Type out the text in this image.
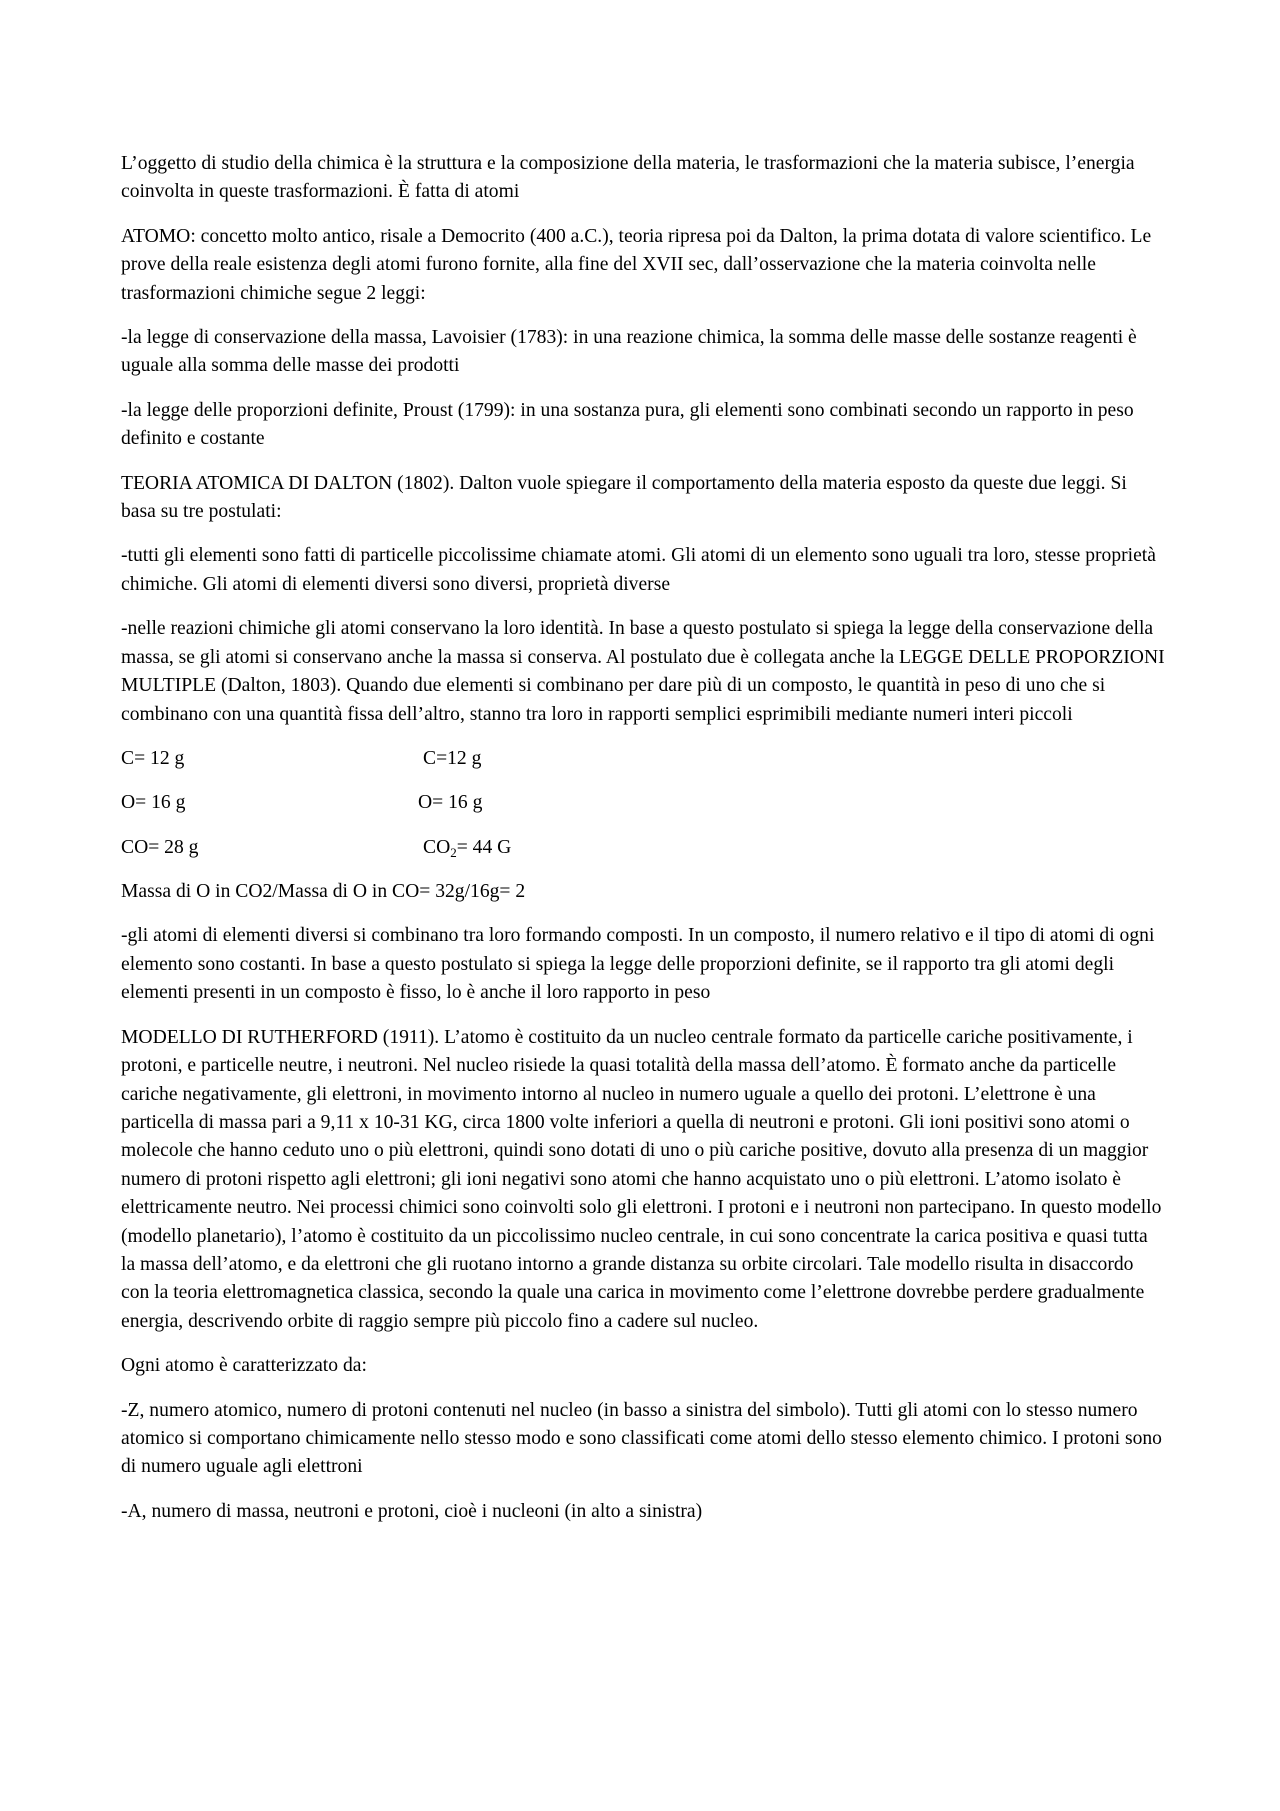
L’oggetto di studio della chimica è la struttura e la composizione della materia, le trasformazioni che la materia subisce, l’energia coinvolta in queste trasformazioni. È fatta di atomi

ATOMO: concetto molto antico, risale a Democrito (400 a.C.), teoria ripresa poi da Dalton, la prima dotata di valore scientifico. Le prove della reale esistenza degli atomi furono fornite, alla fine del XVII sec, dall’osservazione che la materia coinvolta nelle trasformazioni chimiche segue 2 leggi:

-la legge di conservazione della massa, Lavoisier (1783): in una reazione chimica, la somma delle masse delle sostanze reagenti è uguale alla somma delle masse dei prodotti

-la legge delle proporzioni definite, Proust (1799): in una sostanza pura, gli elementi sono combinati secondo un rapporto in peso definito e costante

TEORIA ATOMICA DI DALTON (1802). Dalton vuole spiegare il comportamento della materia esposto da queste due leggi. Si basa su tre postulati:

-tutti gli elementi sono fatti di particelle piccolissime chiamate atomi. Gli atomi di un elemento sono uguali tra loro, stesse proprietà chimiche. Gli atomi di elementi diversi sono diversi, proprietà diverse

-nelle reazioni chimiche gli atomi conservano la loro identità. In base a questo postulato si spiega la legge della conservazione della massa, se gli atomi si conservano anche la massa si conserva. Al postulato due è collegata anche la LEGGE DELLE PROPORZIONI MULTIPLE (Dalton, 1803). Quando due elementi si combinano per dare più di un composto, le quantità in peso di uno che si combinano con una quantità fissa dell’altro, stanno tra loro in rapporti semplici esprimibili mediante numeri interi piccoli

C= 12 g	C=12 g
O= 16 g	O= 16 g
CO= 28 g	$CO_2= 44$ G

Massa di O in CO2/Massa di O in CO= 32g/16g= 2

-gli atomi di elementi diversi si combinano tra loro formando composti. In un composto, il numero relativo e il tipo di atomi di ogni elemento sono costanti. In base a questo postulato si spiega la legge delle proporzioni definite, se il rapporto tra gli atomi degli elementi presenti in un composto è fisso, lo è anche il loro rapporto in peso

MODELLO DI RUTHERFORD (1911). L’atomo è costituito da un nucleo centrale formato da particelle cariche positivamente, i protoni, e particelle neutre, i neutroni. Nel nucleo risiede la quasi totalità della massa dell’atomo. È formato anche da particelle cariche negativamente, gli elettroni, in movimento intorno al nucleo in numero uguale a quello dei protoni. L’elettrone è una particella di massa pari a 9,11 x 10-31 KG, circa 1800 volte inferiori a quella di neutroni e protoni. Gli ioni positivi sono atomi o molecole che hanno ceduto uno o più elettroni, quindi sono dotati di uno o più cariche positive, dovuto alla presenza di un maggior numero di protoni rispetto agli elettroni; gli ioni negativi sono atomi che hanno acquistato uno o più elettroni. L’atomo isolato è elettricamente neutro. Nei processi chimici sono coinvolti solo gli elettroni. I protoni e i neutroni non partecipano. In questo modello (modello planetario), l’atomo è costituito da un piccolissimo nucleo centrale, in cui sono concentrate la carica positiva e quasi tutta la massa dell’atomo, e da elettroni che gli ruotano intorno a grande distanza su orbite circolari. Tale modello risulta in disaccordo con la teoria elettromagnetica classica, secondo la quale una carica in movimento come l’elettrone dovrebbe perdere gradualmente energia, descrivendo orbite di raggio sempre più piccolo fino a cadere sul nucleo.

Ogni atomo è caratterizzato da:

-Z, numero atomico, numero di protoni contenuti nel nucleo (in basso a sinistra del simbolo). Tutti gli atomi con lo stesso numero atomico si comportano chimicamente nello stesso modo e sono classificati come atomi dello stesso elemento chimico. I protoni sono di numero uguale agli elettroni

-A, numero di massa, neutroni e protoni, cioè i nucleoni (in alto a sinistra)
